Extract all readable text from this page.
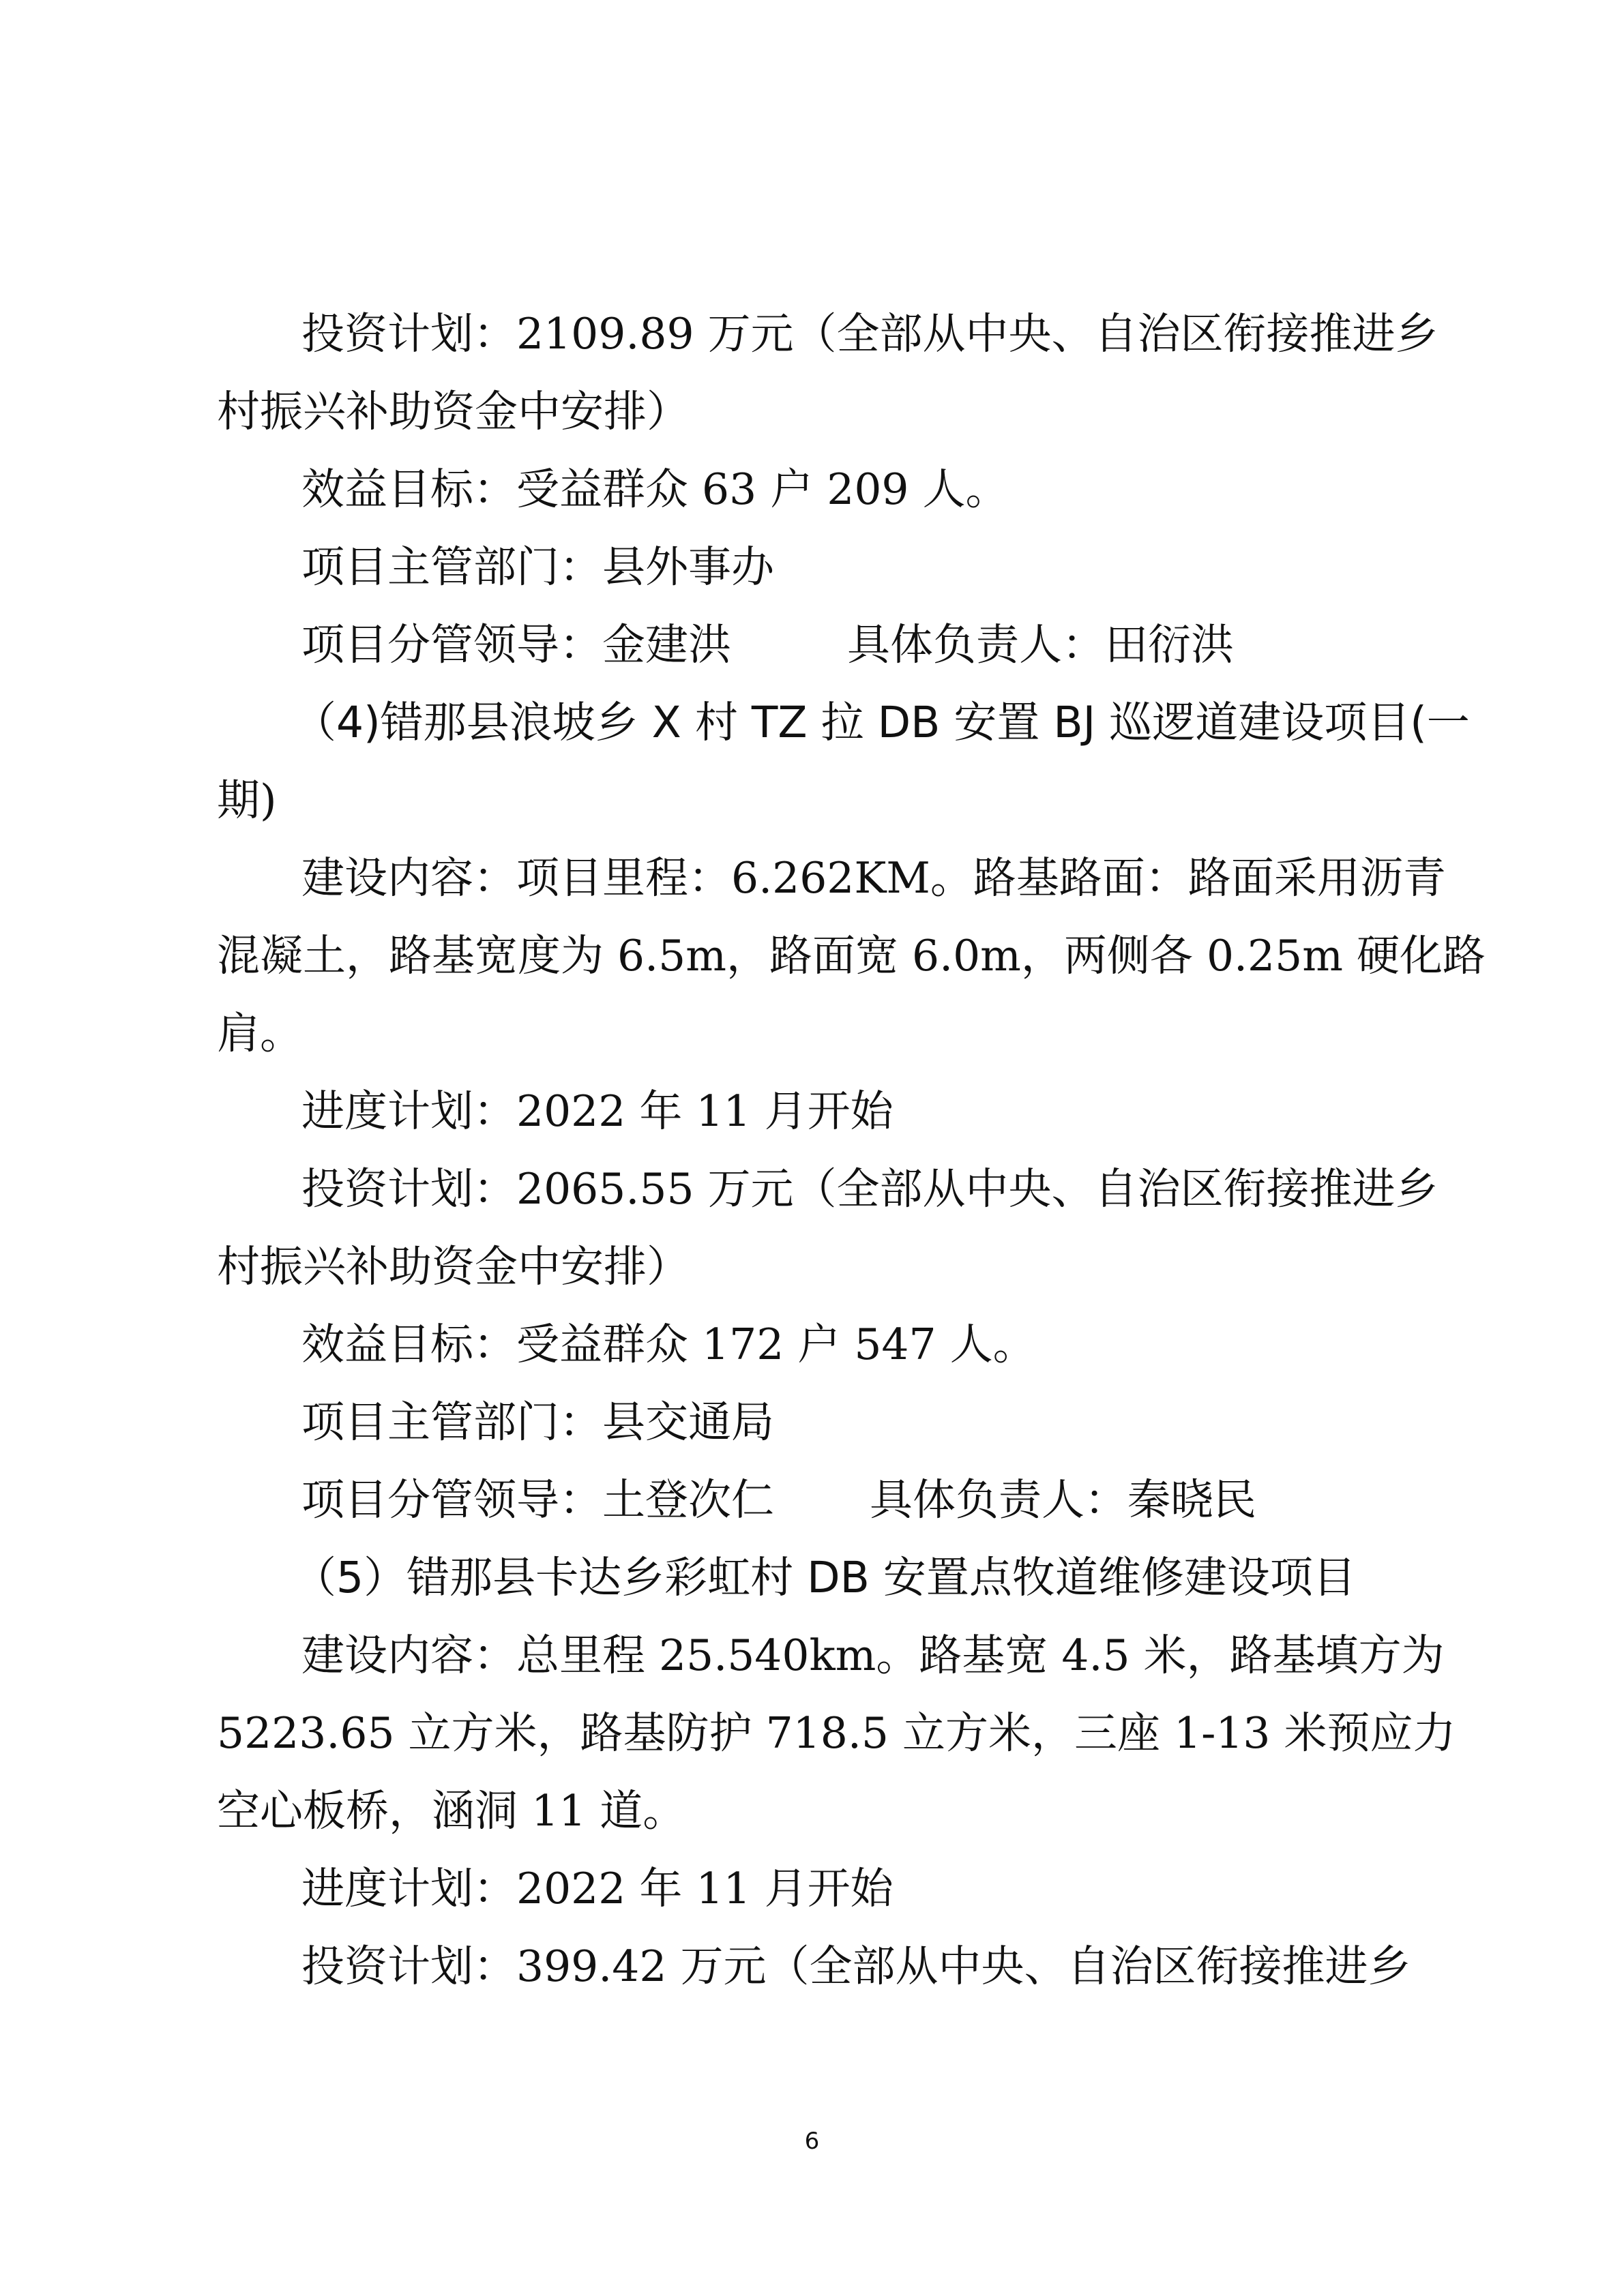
投资计划：2109.89 万元（全部从中央、自治区衔接推进乡
村振兴补助资金中安排）
效益目标：受益群众 63 户 209 人。
项目主管部门：县外事办
项目分管领导：金建洪	具体负责人：田衍洪
（4)错那县浪坡乡 X 村 TZ 拉 DB 安置 BJ 巡逻道建设项目(一
期)
建设内容：项目里程：6.262KM。路基路面：路面采用沥青
混凝土，路基宽度为 6.5m，路面宽 6.0m，两侧各 0.25m 硬化路
肩。
进度计划：2022 年 11 月开始
投资计划：2065.55 万元（全部从中央、自治区衔接推进乡
村振兴补助资金中安排）
效益目标：受益群众 172 户 547 人。
项目主管部门：县交通局
项目分管领导：土登次仁 具体负责人：秦晓民
（5）错那县卡达乡彩虹村 DB 安置点牧道维修建设项目
建设内容：总里程 25.540km。路基宽 4.5 米，路基填方为
5223.65 立方米，路基防护 718.5 立方米，三座 1-13 米预应力
空心板桥，涵洞 11 道。
进度计划：2022 年 11 月开始
投资计划：399.42 万元（全部从中央、自治区衔接推进乡
6
